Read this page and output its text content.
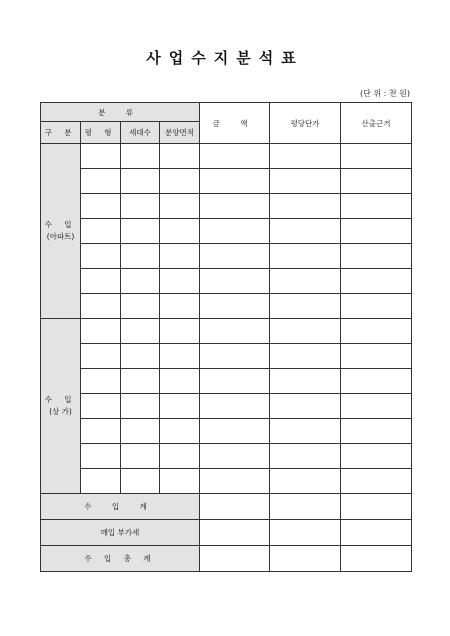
사업수지분석표
(단 위 : 천 원)
분 류				금 액	평당단가	산출근거
구 분	평 형	세대수	분양면적			

수 입
(아파트)						

수 입
(상 가)						

수 입 계						
매입 부가세						
수 입 총 계						
